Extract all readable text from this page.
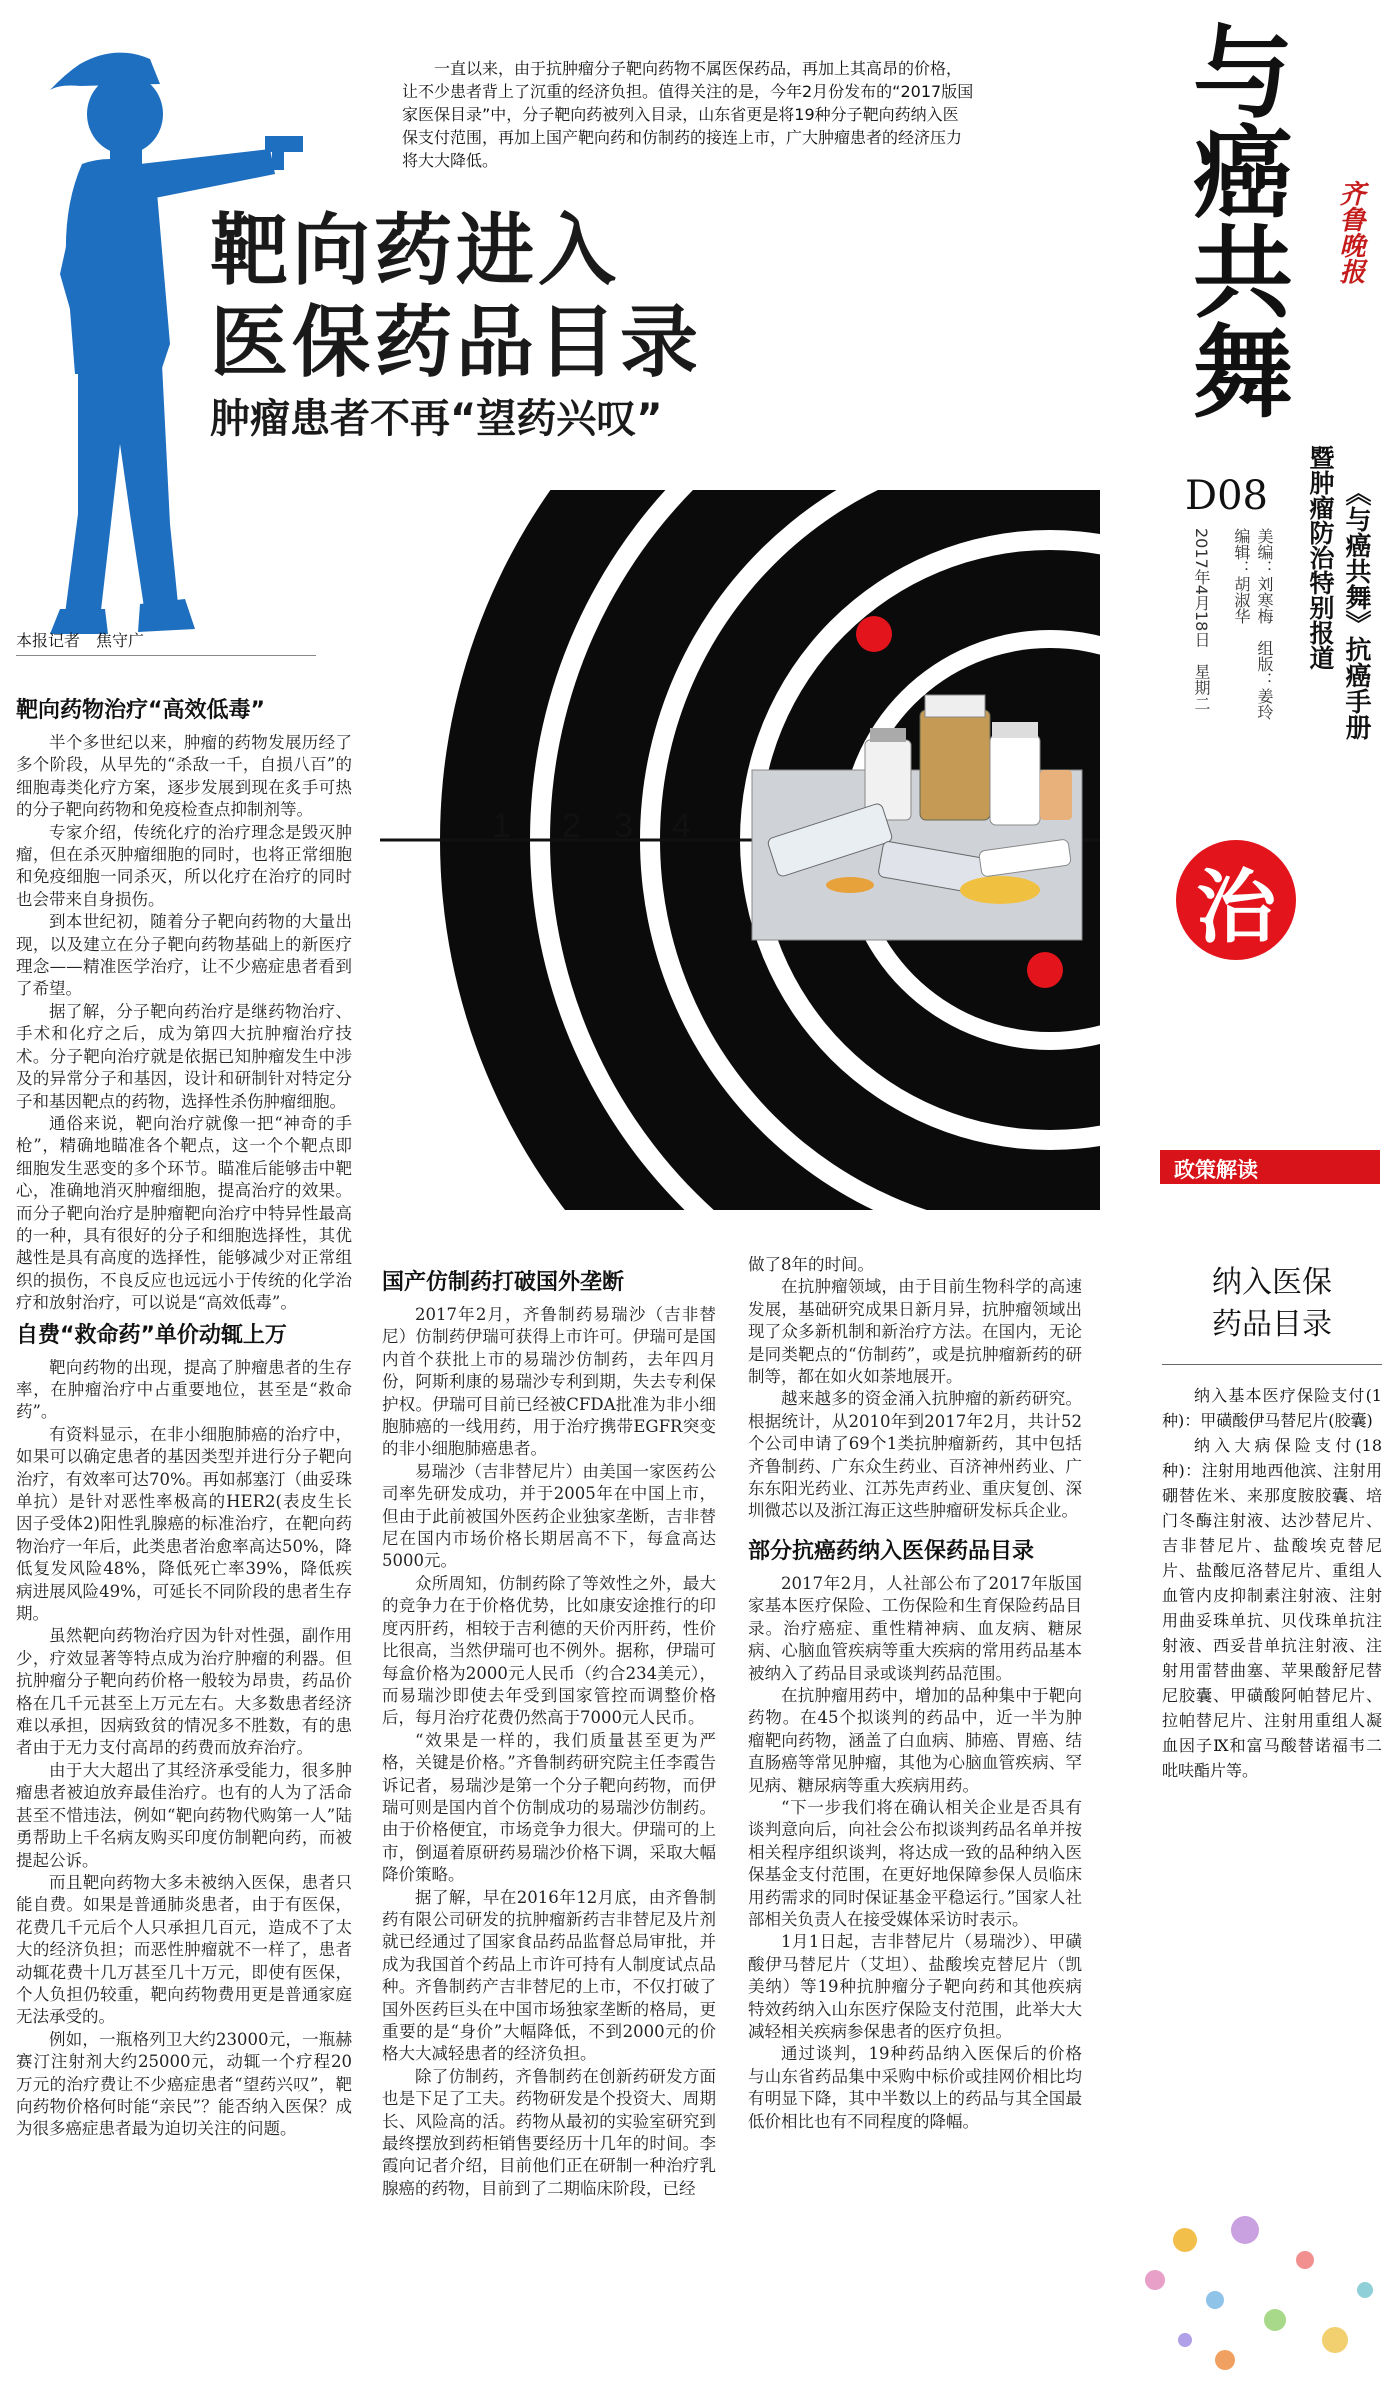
一直以来，由于抗肿瘤分子靶向药物不属医保药品，再加上其高昂的价格，让不少患者背上了沉重的经济负担。值得关注的是，今年2月份发布的“2017版国家医保目录”中，分子靶向药被列入目录，山东省更是将19种分子靶向药纳入医保支付范围，再加上国产靶向药和仿制药的接连上市，广大肿瘤患者的经济压力将大大降低。

靶向药进入
医保药品目录
肿瘤患者不再“望药兴叹”
1 2 3 4
本报记者　焦守广
靶向药物治疗“高效低毒”

半个多世纪以来，肿瘤的药物发展历经了多个阶段，从早先的“杀敌一千，自损八百”的细胞毒类化疗方案，逐步发展到现在炙手可热的分子靶向药物和免疫检查点抑制剂等。

专家介绍，传统化疗的治疗理念是毁灭肿瘤，但在杀灭肿瘤细胞的同时，也将正常细胞和免疫细胞一同杀灭，所以化疗在治疗的同时也会带来自身损伤。

到本世纪初，随着分子靶向药物的大量出现，以及建立在分子靶向药物基础上的新医疗理念——精准医学治疗，让不少癌症患者看到了希望。

据了解，分子靶向药治疗是继药物治疗、手术和化疗之后，成为第四大抗肿瘤治疗技术。分子靶向治疗就是依据已知肿瘤发生中涉及的异常分子和基因，设计和研制针对特定分子和基因靶点的药物，选择性杀伤肿瘤细胞。

通俗来说，靶向治疗就像一把“神奇的手枪”，精确地瞄准各个靶点，这一个个靶点即细胞发生恶变的多个环节。瞄准后能够击中靶心，准确地消灭肿瘤细胞，提高治疗的效果。而分子靶向治疗是肿瘤靶向治疗中特异性最高的一种，具有很好的分子和细胞选择性，其优越性是具有高度的选择性，能够减少对正常组织的损伤，不良反应也远远小于传统的化学治疗和放射治疗，可以说是“高效低毒”。

自费“救命药”单价动辄上万

靶向药物的出现，提高了肿瘤患者的生存率，在肿瘤治疗中占重要地位，甚至是“救命药”。

有资料显示，在非小细胞肺癌的治疗中，如果可以确定患者的基因类型并进行分子靶向治疗，有效率可达70%。再如郝塞汀（曲妥珠单抗）是针对恶性率极高的HER2(表皮生长因子受体2)阳性乳腺癌的标准治疗，在靶向药物治疗一年后，此类患者治愈率高达50%，降低复发风险48%，降低死亡率39%，降低疾病进展风险49%，可延长不同阶段的患者生存期。

虽然靶向药物治疗因为针对性强，副作用少，疗效显著等特点成为治疗肿瘤的利器。但抗肿瘤分子靶向药价格一般较为昂贵，药品价格在几千元甚至上万元左右。大多数患者经济难以承担，因病致贫的情况多不胜数，有的患者由于无力支付高昂的药费而放弃治疗。

由于大大超出了其经济承受能力，很多肿瘤患者被迫放弃最佳治疗。也有的人为了活命甚至不惜违法，例如“靶向药物代购第一人”陆勇帮助上千名病友购买印度仿制靶向药，而被提起公诉。

而且靶向药物大多未被纳入医保，患者只能自费。如果是普通肺炎患者，由于有医保，花费几千元后个人只承担几百元，造成不了太大的经济负担；而恶性肿瘤就不一样了，患者动辄花费十几万甚至几十万元，即使有医保，个人负担仍较重，靶向药物费用更是普通家庭无法承受的。

例如，一瓶格列卫大约23000元，一瓶赫赛汀注射剂大约25000元，动辄一个疗程20万元的治疗费让不少癌症患者“望药兴叹”，靶向药物价格何时能“亲民”？能否纳入医保？成为很多癌症患者最为迫切关注的问题。

国产仿制药打破国外垄断

2017年2月，齐鲁制药易瑞沙（吉非替尼）仿制药伊瑞可获得上市许可。伊瑞可是国内首个获批上市的易瑞沙仿制药，去年四月份，阿斯利康的易瑞沙专利到期，失去专利保护权。伊瑞可目前已经被CFDA批准为非小细胞肺癌的一线用药，用于治疗携带EGFR突变的非小细胞肺癌患者。

易瑞沙（吉非替尼片）由美国一家医药公司率先研发成功，并于2005年在中国上市，但由于此前被国外医药企业独家垄断，吉非替尼在国内市场价格长期居高不下，每盒高达5000元。

众所周知，仿制药除了等效性之外，最大的竞争力在于价格优势，比如康安途推行的印度丙肝药，相较于吉利德的天价丙肝药，性价比很高，当然伊瑞可也不例外。据称，伊瑞可每盒价格为2000元人民币（约合234美元），而易瑞沙即使去年受到国家管控而调整价格后，每月治疗花费仍然高于7000元人民币。

“效果是一样的，我们质量甚至更为严格，关键是价格。”齐鲁制药研究院主任李霞告诉记者，易瑞沙是第一个分子靶向药物，而伊瑞可则是国内首个仿制成功的易瑞沙仿制药。由于价格便宜，市场竞争力很大。伊瑞可的上市，倒逼着原研药易瑞沙价格下调，采取大幅降价策略。

据了解，早在2016年12月底，由齐鲁制药有限公司研发的抗肿瘤新药吉非替尼及片剂就已经通过了国家食品药品监督总局审批，并成为我国首个药品上市许可持有人制度试点品种。齐鲁制药产吉非替尼的上市，不仅打破了国外医药巨头在中国市场独家垄断的格局，更重要的是“身价”大幅降低，不到2000元的价格大大减轻患者的经济负担。

除了仿制药，齐鲁制药在创新药研发方面也是下足了工夫。药物研发是个投资大、周期长、风险高的活。药物从最初的实验室研究到最终摆放到药柜销售要经历十几年的时间。李霞向记者介绍，目前他们正在研制一种治疗乳腺癌的药物，目前到了二期临床阶段，已经

做了8年的时间。

在抗肿瘤领域，由于目前生物科学的高速发展，基础研究成果日新月异，抗肿瘤领域出现了众多新机制和新治疗方法。在国内，无论是同类靶点的“仿制药”，或是抗肿瘤新药的研制等，都在如火如荼地展开。

越来越多的资金涌入抗肿瘤的新药研究。根据统计，从2010年到2017年2月，共计52个公司申请了69个1类抗肿瘤新药，其中包括齐鲁制药、广东众生药业、百济神州药业、广东东阳光药业、江苏先声药业、重庆复创、深圳微芯以及浙江海正这些肿瘤研发标兵企业。

部分抗癌药纳入医保药品目录

2017年2月，人社部公布了2017年版国家基本医疗保险、工伤保险和生育保险药品目录。治疗癌症、重性精神病、血友病、糖尿病、心脑血管疾病等重大疾病的常用药品基本被纳入了药品目录或谈判药品范围。

在抗肿瘤用药中，增加的品种集中于靶向药物。在45个拟谈判的药品中，近一半为肿瘤靶向药物，涵盖了白血病、肺癌、胃癌、结直肠癌等常见肿瘤，其他为心脑血管疾病、罕见病、糖尿病等重大疾病用药。

“下一步我们将在确认相关企业是否具有谈判意向后，向社会公布拟谈判药品名单并按相关程序组织谈判，将达成一致的品种纳入医保基金支付范围，在更好地保障参保人员临床用药需求的同时保证基金平稳运行。”国家人社部相关负责人在接受媒体采访时表示。

1月1日起，吉非替尼片（易瑞沙）、甲磺酸伊马替尼片（艾坦）、盐酸埃克替尼片（凯美纳）等19种抗肿瘤分子靶向药和其他疾病特效药纳入山东医疗保险支付范围，此举大大减轻相关疾病参保患者的医疗负担。

通过谈判，19种药品纳入医保后的价格与山东省药品集中采购中标价或挂网价相比均有明显下降，其中半数以上的药品与其全国最低价相比也有不同程度的降幅。

与癌共舞 齐鲁晚报
D08	《与癌共舞》抗癌手册
暨肿瘤防治特别报道
美编：刘寒梅　组版：姜玲
编辑：胡淑华
2017年4月18日　星期二
治
政策解读
纳入医保
药品目录

纳入基本医疗保险支付(1种)：甲磺酸伊马替尼片(胶囊)

纳入大病保险支付(18种)：注射用地西他滨、注射用硼替佐米、来那度胺胶囊、培门冬酶注射液、达沙替尼片、吉非替尼片、盐酸埃克替尼片、盐酸厄洛替尼片、重组人血管内皮抑制素注射液、注射用曲妥珠单抗、贝伐珠单抗注射液、西妥昔单抗注射液、注射用雷替曲塞、苹果酸舒尼替尼胶囊、甲磺酸阿帕替尼片、拉帕替尼片、注射用重组人凝血因子Ⅸ和富马酸替诺福韦二吡呋酯片等。
